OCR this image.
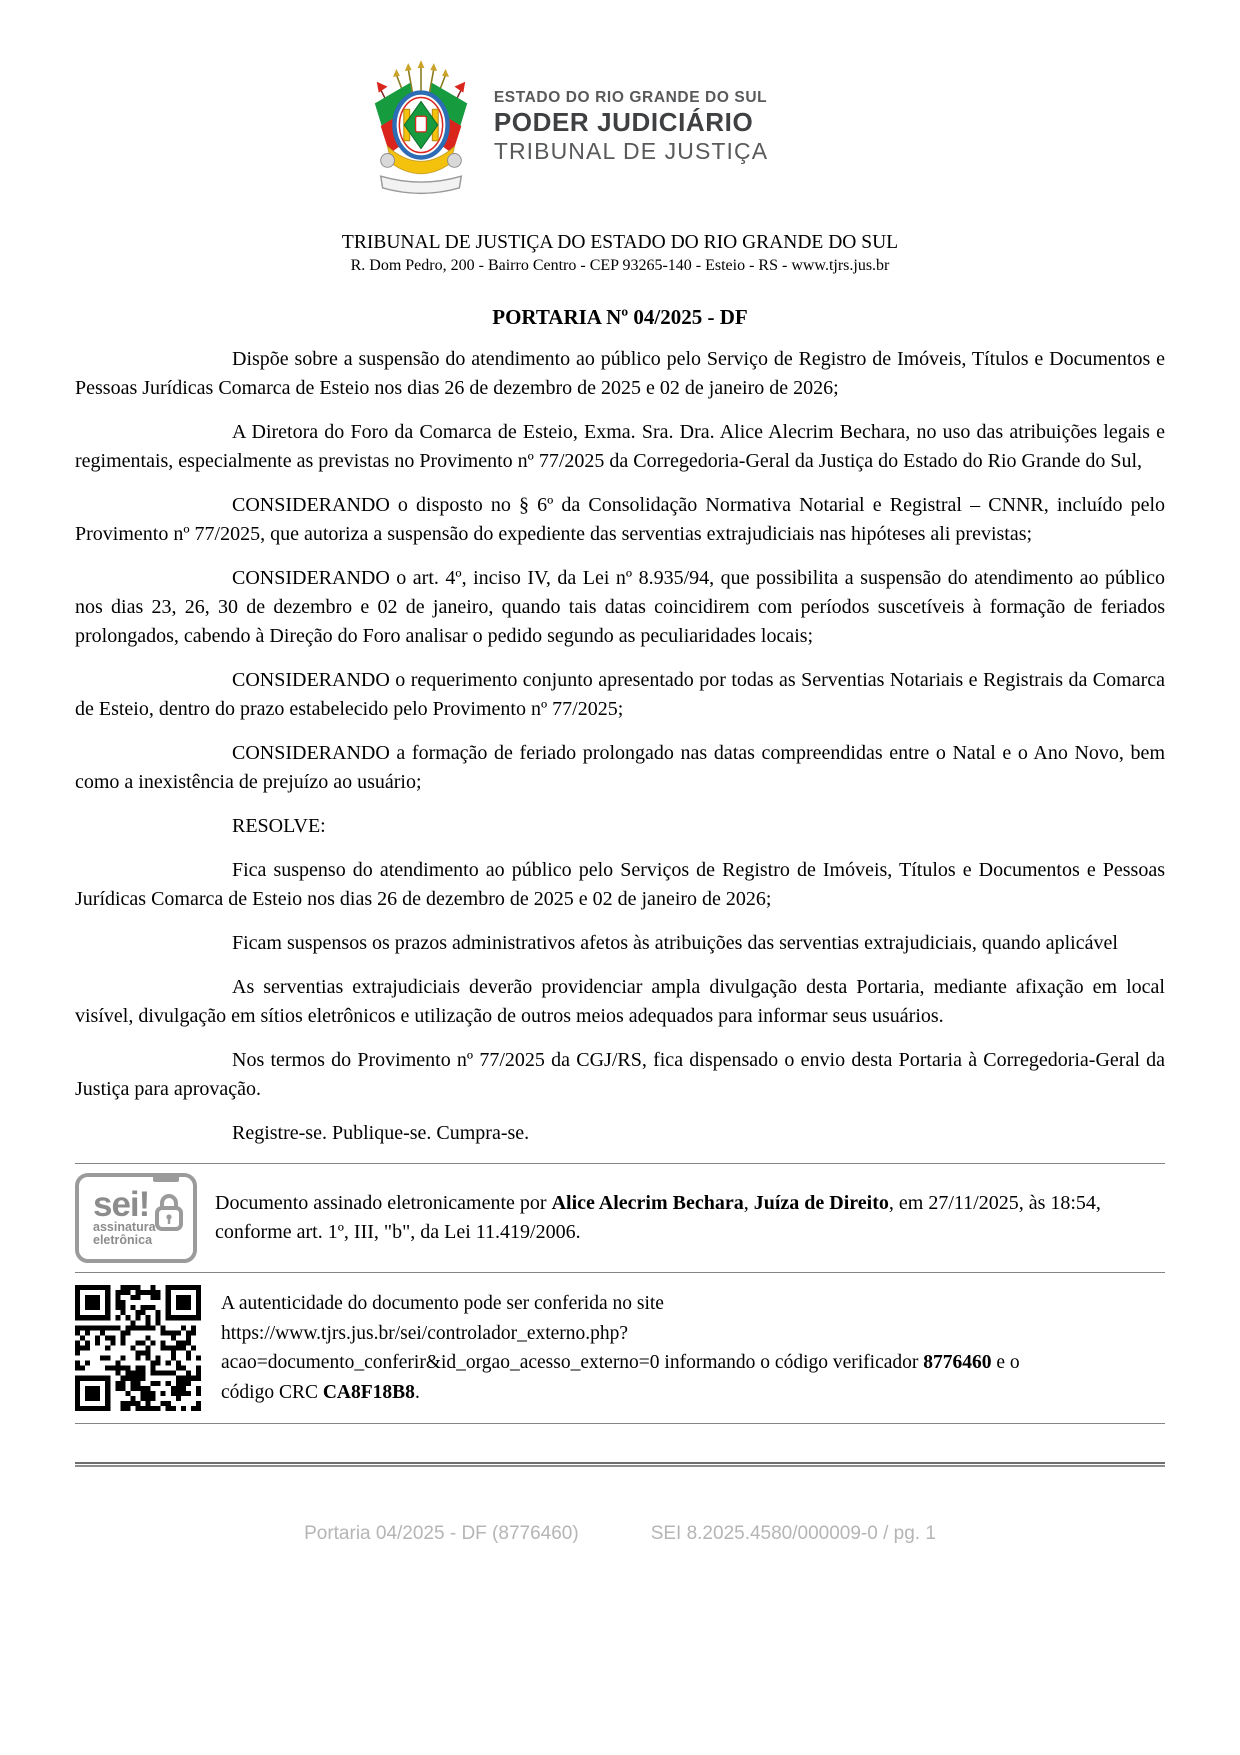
ESTADO DO RIO GRANDE DO SUL
PODER JUDICIÁRIO
TRIBUNAL DE JUSTIÇA
TRIBUNAL DE JUSTIÇA DO ESTADO DO RIO GRANDE DO SUL
R. Dom Pedro, 200 - Bairro Centro - CEP 93265-140 - Esteio - RS - www.tjrs.jus.br
PORTARIA Nº 04/2025 - DF

Dispõe sobre a suspensão do atendimento ao público pelo Serviço de Registro de Imóveis, Títulos e Documentos e Pessoas Jurídicas Comarca de Esteio nos dias 26 de dezembro de 2025 e 02 de janeiro de 2026;

A Diretora do Foro da Comarca de Esteio, Exma. Sra. Dra. Alice Alecrim Bechara, no uso das atribuições legais e regimentais, especialmente as previstas no Provimento nº 77/2025 da Corregedoria-Geral da Justiça do Estado do Rio Grande do Sul,

CONSIDERANDO o disposto no § 6º da Consolidação Normativa Notarial e Registral – CNNR, incluído pelo Provimento nº 77/2025, que autoriza a suspensão do expediente das serventias extrajudiciais nas hipóteses ali previstas;

CONSIDERANDO o art. 4º, inciso IV, da Lei nº 8.935/94, que possibilita a suspensão do atendimento ao público nos dias 23, 26, 30 de dezembro e 02 de janeiro, quando tais datas coincidirem com períodos suscetíveis à formação de feriados prolongados, cabendo à Direção do Foro analisar o pedido segundo as peculiaridades locais;

CONSIDERANDO o requerimento conjunto apresentado por todas as Serventias Notariais e Registrais da Comarca de Esteio, dentro do prazo estabelecido pelo Provimento nº 77/2025;

CONSIDERANDO a formação de feriado prolongado nas datas compreendidas entre o Natal e o Ano Novo, bem como a inexistência de prejuízo ao usuário;

RESOLVE:

Fica suspenso do atendimento ao público pelo Serviços de Registro de Imóveis, Títulos e Documentos e Pessoas Jurídicas Comarca de Esteio nos dias 26 de dezembro de 2025 e 02 de janeiro de 2026;

Ficam suspensos os prazos administrativos afetos às atribuições das serventias extrajudiciais, quando aplicável

As serventias extrajudiciais deverão providenciar ampla divulgação desta Portaria, mediante afixação em local visível, divulgação em sítios eletrônicos e utilização de outros meios adequados para informar seus usuários.

Nos termos do Provimento nº 77/2025 da CGJ/RS, fica dispensado o envio desta Portaria à Corregedoria-Geral da Justiça para aprovação.

Registre-se. Publique-se. Cumpra-se.

sei!
assinatura
eletrônica

Documento assinado eletronicamente por Alice Alecrim Bechara, Juíza de Direito, em 27/11/2025, às 18:54, conforme art. 1º, III, "b", da Lei 11.419/2006.

A autenticidade do documento pode ser conferida no site
https://www.tjrs.jus.br/sei/controlador_externo.php?
acao=documento_conferir&id_orgao_acesso_externo=0 informando o código verificador 8776460 e o
código CRC CA8F18B8.

Portaria 04/2025 - DF (8776460)	SEI 8.2025.4580/000009-0 / pg. 1
